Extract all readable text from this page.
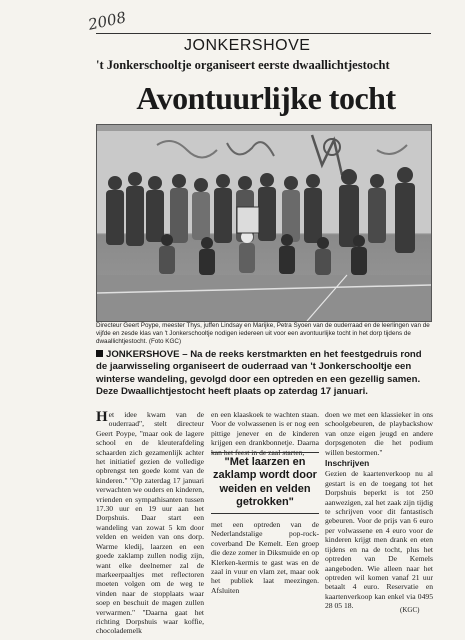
2008
JONKERSHOVE
't Jonkerschooltje organiseert eerste dwaallichtjestocht
Avontuurlijke tocht
Directeur Geert Poype, meester Thys, juffen Lindsay en Marijke, Petra Syoen van de ouderraad en de leerlingen van de vijfde en zesde klas van 't Jonkerschooltje nodigen iedereen uit voor een avontuurlijke tocht in het dorp tijdens de dwaallichtjestocht. (Foto KGC)
JONKERSHOVE – Na de reeks kerstmarkten en het feestgedruis rond de jaarwisseling organiseert de ouderraad van 't Jonkerschooltje een winterse wandeling, gevolgd door een optreden en een gezellig samen. Deze Dwaallichtjestocht heeft plaats op zaterdag 17 januari.

Het idee kwam van de ouderraad", stelt directeur Geert Poype, "maar ook de lagere school en de kleuterafdeling schaarden zich gezamenlijk achter het initiatief gezien de volledige opbrengst ten goede komt van de kinderen." "Op zaterdag 17 januari verwachten we ouders en kinderen, vrienden en sympathisanten tussen 17.30 uur en 19 uur aan het Dorpshuis. Daar start een wandeling van zowat 5 km door velden en weiden van ons dorp. Warme kledij, laarzen en een goede zaklamp zullen nodig zijn, want elke deelnemer zal de markeerpaaltjes met reflectoren moeten volgen om de weg te vinden naar de stopplaats waar soep en beschuit de magen zullen verwarmen." "Daarna gaat het richting Dorpshuis waar koffie, chocolademelk

en een klaaskoek te wachten staan. Voor de volwassenen is er nog een pittige jenever en de kinderen krijgen een drankbonnetje. Daarna kan het feest in de zaal starten,

"Met laarzen en zaklamp wordt door weiden en velden getrokken"

met een optreden van de Nederlandstalige pop-rock-coverband De Kemelt. Een groep die deze zomer in Diksmuide en op Klerken-kermis te gast was en de zaal in vuur en vlam zet, maar ook het publiek laat meezingen. Afsluiten

doen we met een klassieker in ons schoolgebeuren, de playbackshow van onze eigen jeugd en andere dorpsgenoten die het podium willen bestormen."

Inschrijven

Gezien de kaartenverkoop nu al gestart is en de toegang tot het Dorpshuis beperkt is tot 250 aanwezigen, zal het zaak zijn tijdig te schrijven voor dit fantastisch gebeuren. Voor de prijs van 6 euro per volwassene en 4 euro voor de kinderen krijgt men drank en eten tijdens en na de tocht, plus het optreden van De Kemels aangeboden. Wie alleen naar het optreden wil komen vanaf 21 uur betaalt 4 euro. Reservatie en kaartenverkoop kan enkel via 0495 28 05 18.	(KGC)
